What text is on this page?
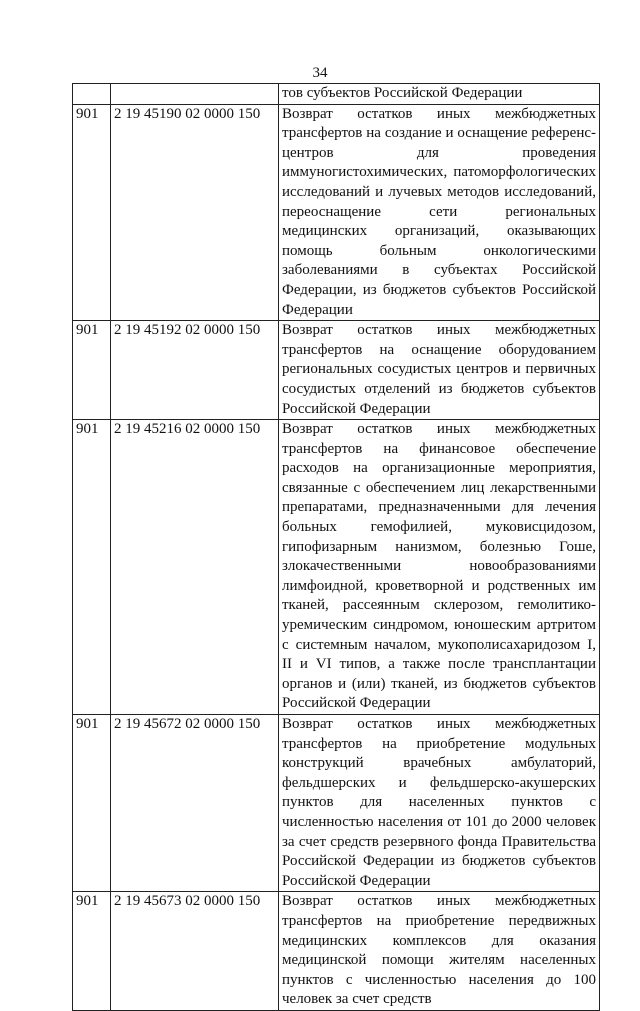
34
		тов субъектов Российской Федерации
901	2 19 45190 02 0000 150	Возврат остатков иных межбюджетных трансфертов на создание и оснащение референс-центров для проведения иммуногистохимических, патоморфологических исследований и лучевых методов исследований, переоснащение сети региональных медицинских организаций, оказывающих помощь больным онкологическими заболеваниями в субъектах Российской Федерации, из бюджетов субъектов Российской Федерации
901	2 19 45192 02 0000 150	Возврат остатков иных межбюджетных трансфертов на оснащение оборудованием региональных сосудистых центров и первичных сосудистых отделений из бюджетов субъектов Российской Федерации
901	2 19 45216 02 0000 150	Возврат остатков иных межбюджетных трансфертов на финансовое обеспечение расходов на организационные мероприятия, связанные с обеспечением лиц лекарственными препаратами, предназначенными для лечения больных гемофилией, муковисцидозом, гипофизарным нанизмом, болезнью Гоше, злокачественными новообразованиями лимфоидной, кроветворной и родственных им тканей, рассеянным склерозом, гемолитико-уремическим синдромом, юношеским артритом с системным началом, мукополисахаридозом I, II и VI типов, а также после трансплантации органов и (или) тканей, из бюджетов субъектов Российской Федерации
901	2 19 45672 02 0000 150	Возврат остатков иных межбюджетных трансфертов на приобретение модульных конструкций врачебных амбулаторий, фельдшерских и фельдшерско-акушерских пунктов для населенных пунктов с численностью населения от 101 до 2000 человек за счет средств резервного фонда Правительства Российской Федерации из бюджетов субъектов Российской Федерации
901	2 19 45673 02 0000 150	Возврат остатков иных межбюджетных трансфертов на приобретение передвижных медицинских комплексов для оказания медицинской помощи жителям населенных пунктов с численностью населения до 100 человек за счет средств
